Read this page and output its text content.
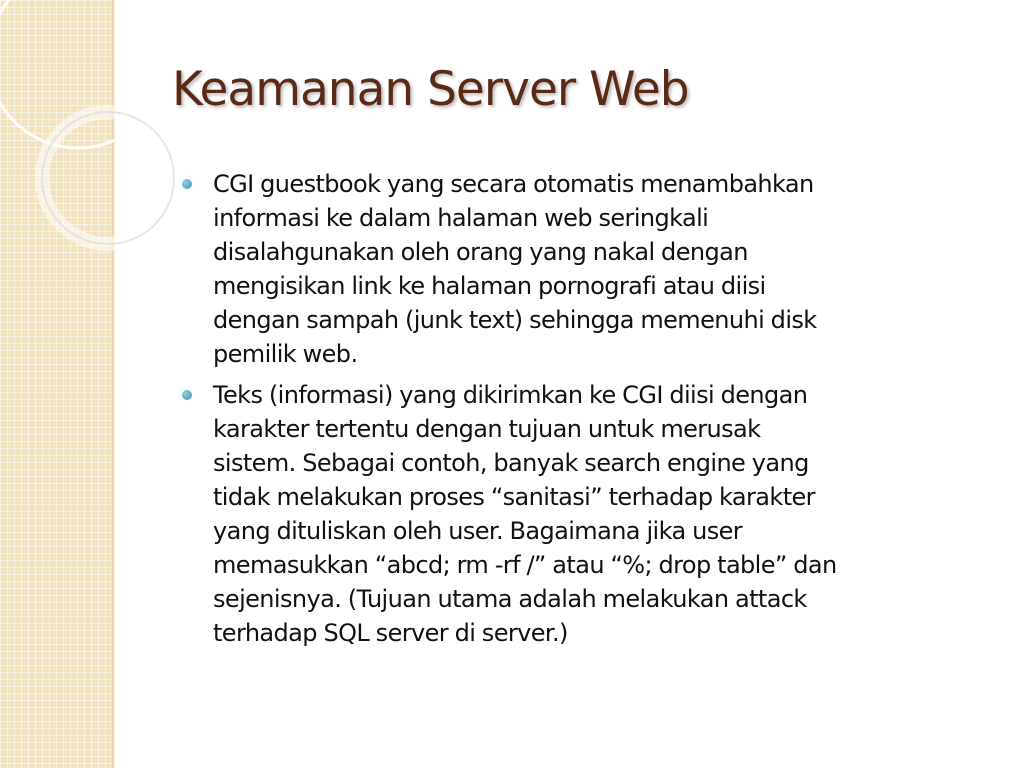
Keamanan Server Web
CGI guestbook yang secara otomatis menambahkan
informasi ke dalam halaman web seringkali
disalahgunakan oleh orang yang nakal dengan
mengisikan link ke halaman pornografi atau diisi
dengan sampah (junk text) sehingga memenuhi disk
pemilik web.
Teks (informasi) yang dikirimkan ke CGI diisi dengan
karakter tertentu dengan tujuan untuk merusak
sistem. Sebagai contoh, banyak search engine yang
tidak melakukan proses “sanitasi” terhadap karakter
yang dituliskan oleh user. Bagaimana jika user
memasukkan “abcd; rm -rf /” atau “%; drop table” dan
sejenisnya. (Tujuan utama adalah melakukan attack
terhadap SQL server di server.)
